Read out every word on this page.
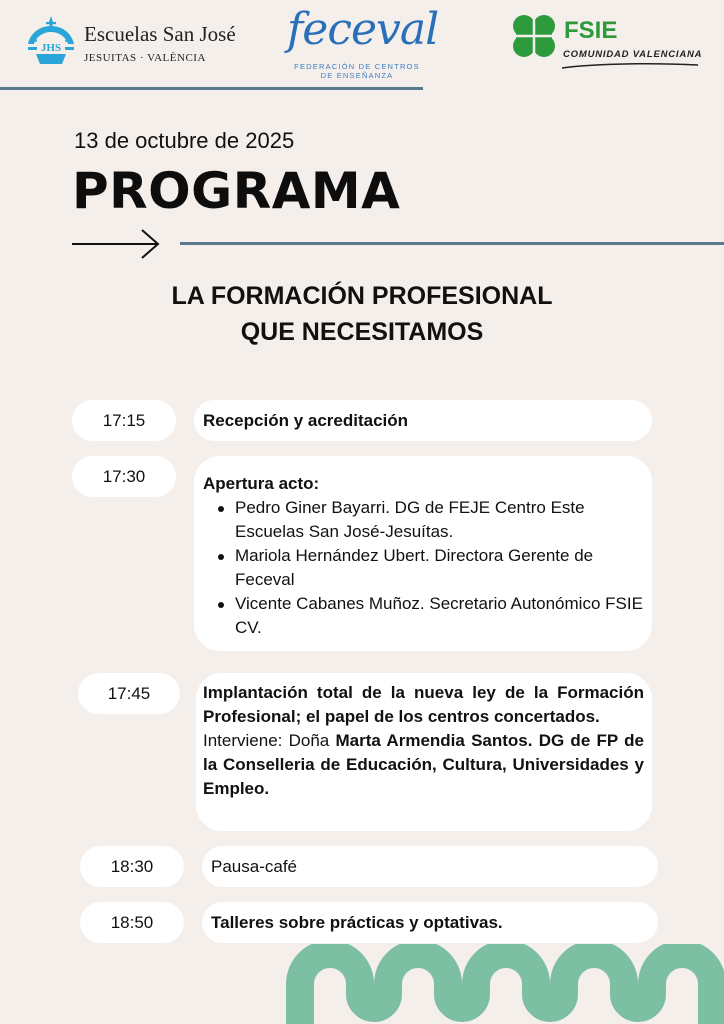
JHS
Escuelas San José
JESUITAS · VALÈNCIA
feceval
FEDERACIÓN DE CENTROS
DE ENSEÑANZA
FSIE
COMUNIDAD VALENCIANA
13 de octubre de 2025
PROGRAMA
LA FORMACIÓN PROFESIONAL
QUE NECESITAMOS
17:15	Recepción y acreditación
17:30	Apertura acto:
Pedro Giner Bayarri. DG de FEJE Centro Este Escuelas San José-Jesuítas.
Mariola Hernández Ubert. Directora Gerente de Feceval
Vicente Cabanes Muñoz. Secretario Autonómico FSIE CV.
17:45	Implantación total de la nueva ley de la Formación Profesional; el papel de los centros concertados.
Interviene: Doña Marta Armendia Santos. DG de FP de la Conselleria de Educación, Cultura, Universidades y Empleo.
18:30	Pausa-café
18:50	Talleres sobre prácticas y optativas.
